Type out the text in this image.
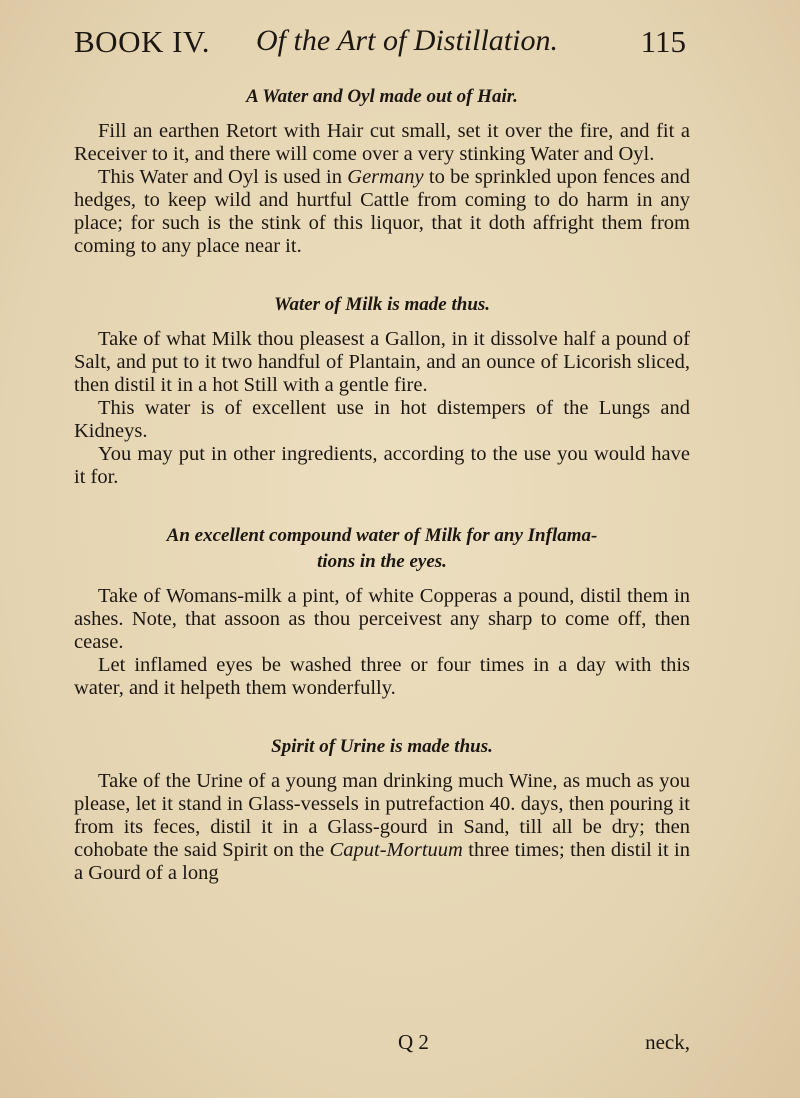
BOOK IV. Of the Art of Distillation.	115
A Water and Oyl made out of Hair.

Fill an earthen Retort with Hair cut small, set it over the fire, and fit a Receiver to it, and there will come over a very stinking Water and Oyl.

This Water and Oyl is used in Germany to be sprinkled upon fences and hedges, to keep wild and hurtful Cattle from coming to do harm in any place; for such is the stink of this liquor, that it doth affright them from coming to any place near it.

Water of Milk is made thus.

Take of what Milk thou pleasest a Gallon, in it dissolve half a pound of Salt, and put to it two handful of Plantain, and an ounce of Licorish sliced, then distil it in a hot Still with a gentle fire.

This water is of excellent use in hot distempers of the Lungs and Kidneys.

You may put in other ingredients, according to the use you would have it for.

An excellent compound water of Milk for any Inflama-
tions in the eyes.

Take of Womans-milk a pint, of white Copperas a pound, distil them in ashes. Note, that assoon as thou perceivest any sharp to come off, then cease.

Let inflamed eyes be washed three or four times in a day with this water, and it helpeth them wonderfully.

Spirit of Urine is made thus.

Take of the Urine of a young man drinking much Wine, as much as you please, let it stand in Glass-vessels in putrefaction 40. days, then pouring it from its feces, distil it in a Glass-gourd in Sand, till all be dry; then cohobate the said Spirit on the Caput-Mortuum three times; then distil it in a Gourd of a long

Q 2	neck,
